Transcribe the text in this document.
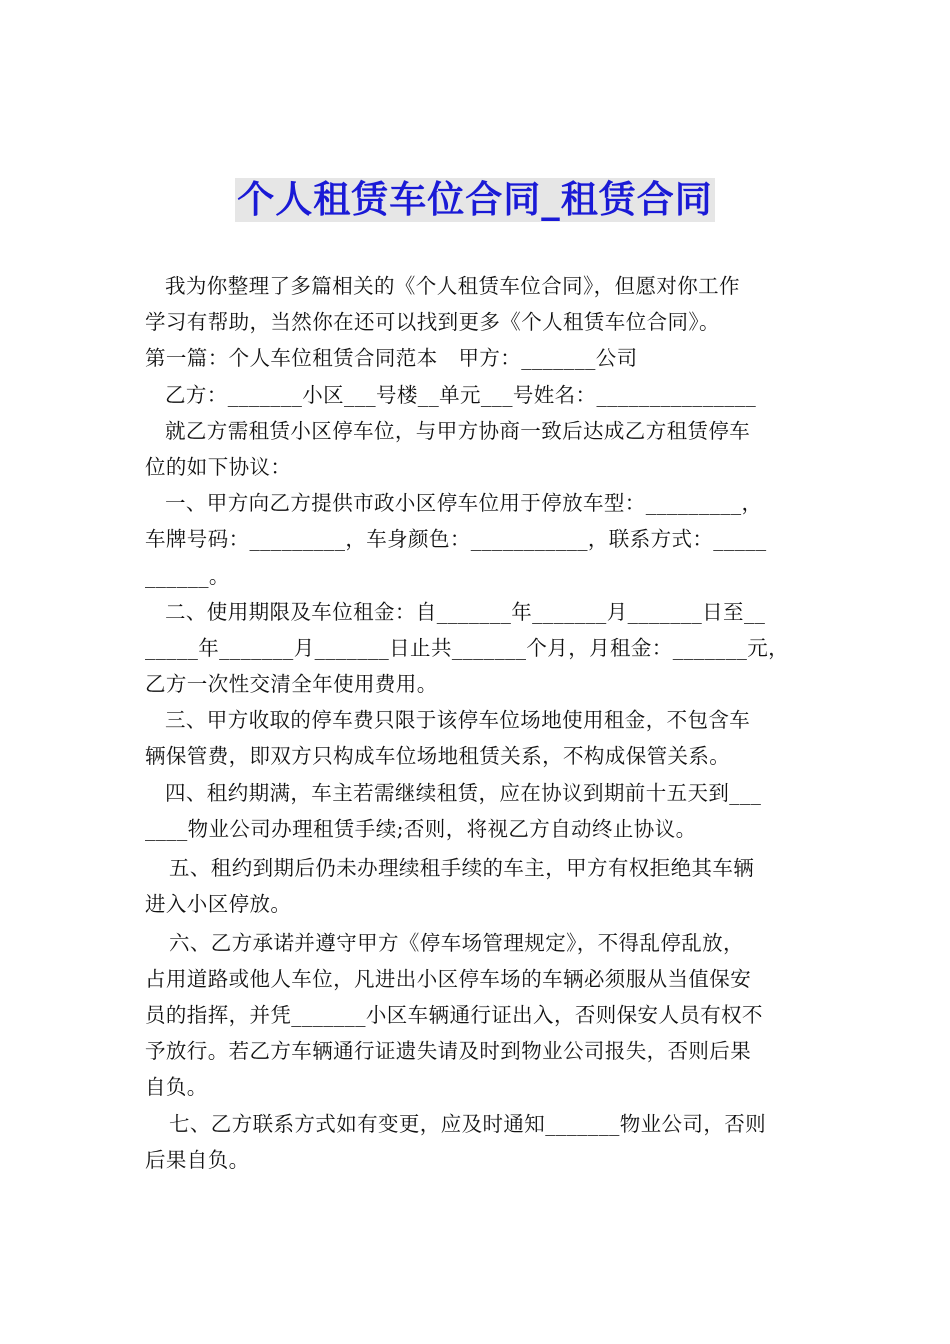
个人租赁车位合同_租赁合同
我为你整理了多篇相关的《个人租赁车位合同》，但愿对你工作
学习有帮助，当然你在还可以找到更多《个人租赁车位合同》。
第一篇：个人车位租赁合同范本　甲方：_______公司
乙方：_______小区___号楼__单元___号姓名：_______________
就乙方需租赁小区停车位，与甲方协商一致后达成乙方租赁停车
位的如下协议：
一、甲方向乙方提供市政小区停车位用于停放车型：_________，
车牌号码：_________，车身颜色：___________，联系方式：_____
______。
二、使用期限及车位租金：自_______年_______月_______日至__
_____年_______月_______日止共_______个月，月租金：_______元，
乙方一次性交清全年使用费用。
三、甲方收取的停车费只限于该停车位场地使用租金，不包含车
辆保管费，即双方只构成车位场地租赁关系，不构成保管关系。
四、租约期满，车主若需继续租赁，应在协议到期前十五天到___
____物业公司办理租赁手续;否则，将视乙方自动终止协议。
五、租约到期后仍未办理续租手续的车主，甲方有权拒绝其车辆
进入小区停放。
六、乙方承诺并遵守甲方《停车场管理规定》，不得乱停乱放，
占用道路或他人车位，凡进出小区停车场的车辆必须服从当值保安
员的指挥，并凭_______小区车辆通行证出入，否则保安人员有权不
予放行。若乙方车辆通行证遗失请及时到物业公司报失，否则后果
自负。
七、乙方联系方式如有变更，应及时通知_______物业公司，否则
后果自负。
